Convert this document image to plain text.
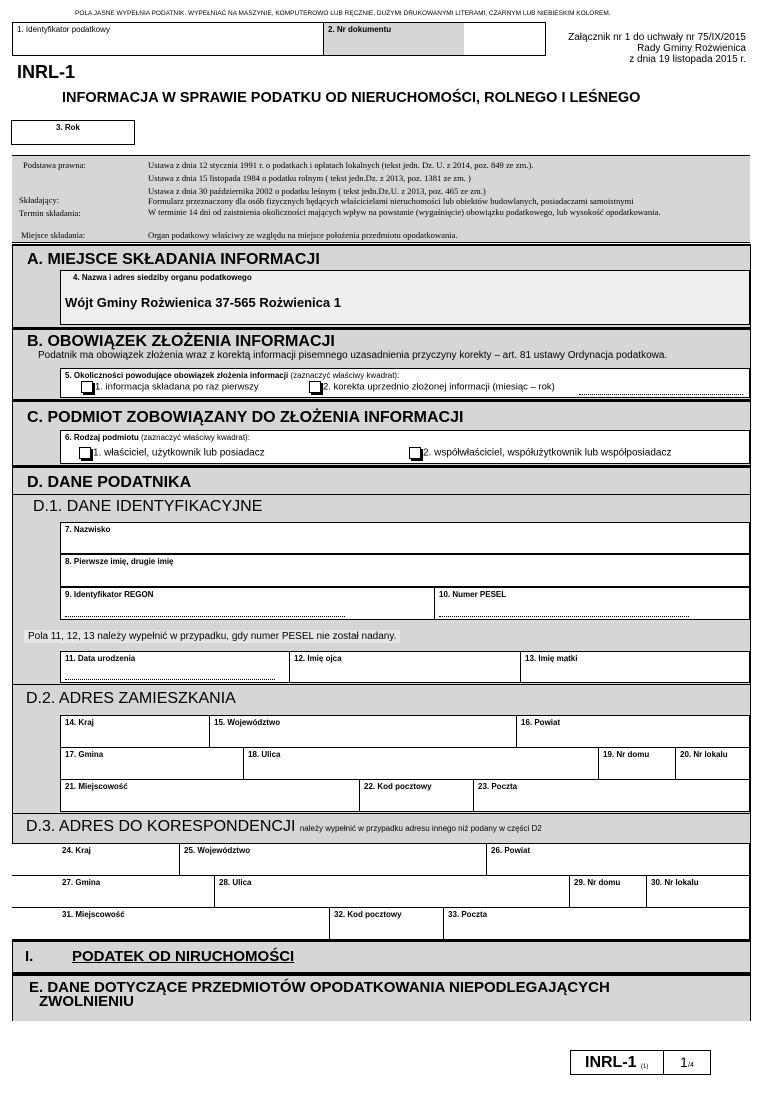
POLA JASNE WYPEŁNIA PODATNIK. WYPEŁNIAĆ NA MASZYNIE, KOMPUTEROWO LUB RĘCZNIE, DUŻYMI DRUKOWANYMI LITERAMI, CZARNYM LUB NIEBIESKIM KOLOREM.
1. Identyfikator podatkowy	2. Nr dokumentu
Załącznik nr 1 do uchwały nr 75/IX/2015
Rady Gminy Rożwienica
z dnia 19 listopada 2015 r.
INRL-1
INFORMACJA W SPRAWIE PODATKU OD NIERUCHOMOŚCI, ROLNEGO I LEŚNEGO
3. Rok
Podstawa prawna:	Ustawa z dnia 12 stycznia 1991 r. o podatkach i opłatach lokalnych (tekst jedn. Dz. U. z 2014, poz. 849 ze zm.).
Ustawa z dnia 15 listopada 1984 o podatku rolnym ( tekst jedn.Dz. z 2013, poz. 1381 ze zm. )
Ustawa z dnia 30 października 2002 o podatku leśnym ( tekst jedn.Dz.U. z 2013, poz. 465 ze zm.)
Składający:	Formularz przeznaczony dla osób fizycznych będących właścicielami nieruchomości lub obiektów budowlanych, posiadaczami samoistnymi
Termin składania:	W terminie 14 dni od zaistnienia okoliczności mających wpływ na powstanie (wygaśnięcie) obowiązku podatkowego, lub wysokość opodatkowania.
Miejsce składania:	Organ podatkowy właściwy ze względu na miejsce położenia przedmiotu opodatkowania.
A. MIEJSCE SKŁADANIA INFORMACJI
4. Nazwa i adres siedziby organu podatkowego
Wójt Gminy Rożwienica 37-565 Rożwienica 1
B. OBOWIĄZEK ZŁOŻENIA INFORMACJI
Podatnik ma obowiązek złożenia wraz z korektą informacji pisemnego uzasadnienia przyczyny korekty – art. 81 ustawy Ordynacja podatkowa.
5. Okoliczności powodujące obowiązek złożenia informacji (zaznaczyć właściwy kwadrat):
1. informacja składana po raz pierwszy	2. korekta uprzednio złożonej informacji (miesiąc – rok)
C. PODMIOT ZOBOWIĄZANY DO ZŁOŻENIA INFORMACJI
6. Rodzaj podmiotu (zaznaczyć właściwy kwadrat):
1. właściciel, użytkownik lub posiadacz	2. współwłaściciel, współużytkownik lub współposiadacz
D. DANE PODATNIKA
D.1. DANE IDENTYFIKACYJNE
7. Nazwisko
8. Pierwsze imię, drugie imię
9. Identyfikator REGON	10. Numer PESEL
Pola 11, 12, 13 należy wypełnić w przypadku, gdy numer PESEL nie został nadany.
11. Data urodzenia	12. Imię ojca	13. Imię matki
D.2. ADRES ZAMIESZKANIA
14. Kraj	15. Województwo	16. Powiat
17. Gmina	18. Ulica	19. Nr domu	20. Nr lokalu
21. Miejscowość	22. Kod pocztowy	23. Poczta
D.3. ADRES DO KORESPONDENCJI należy wypełnić w przypadku adresu innego niż podany w części D2
24. Kraj	25. Województwo	26. Powiat
27. Gmina	28. Ulica	29. Nr domu	30. Nr lokalu
31. Miejscowość	32. Kod pocztowy	33. Poczta
I.	PODATEK OD NIRUCHOMOŚCI
E. DANE DOTYCZĄCE PRZEDMIOTÓW OPODATKOWANIA NIEPODLEGAJĄCYCH
ZWOLNIENIU
INRL-1 (1) 1 /4
